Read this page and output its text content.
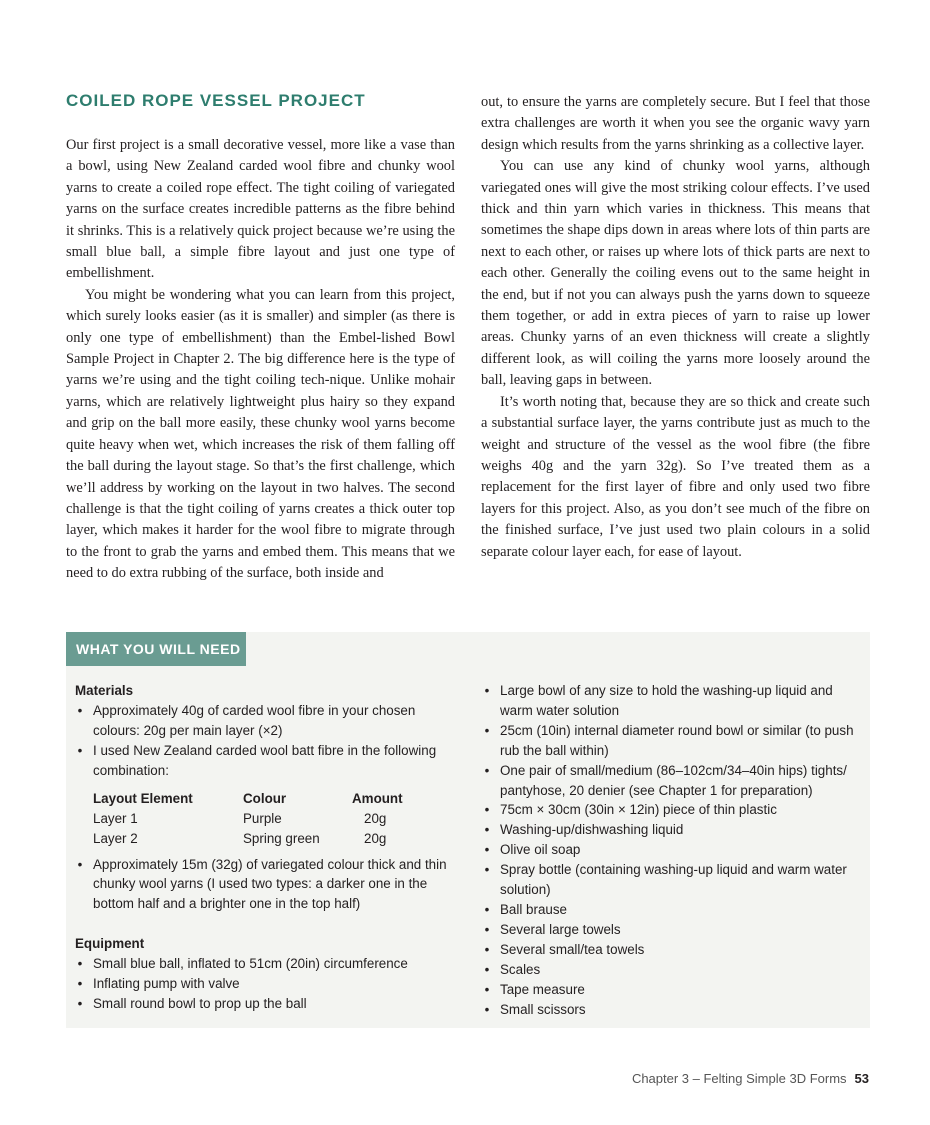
COILED ROPE VESSEL PROJECT

Our first project is a small decorative vessel, more like a vase than a bowl, using New Zealand carded wool fibre and chunky wool yarns to create a coiled rope effect. The tight coiling of variegated yarns on the surface creates incredible patterns as the fibre behind it shrinks. This is a relatively quick project because we’re using the small blue ball, a simple fibre layout and just one type of embellishment.

You might be wondering what you can learn from this project, which surely looks easier (as it is smaller) and simpler (as there is only one type of embellishment) than the Embel-lished Bowl Sample Project in Chapter 2. The big difference here is the type of yarns we’re using and the tight coiling tech-nique. Unlike mohair yarns, which are relatively lightweight plus hairy so they expand and grip on the ball more easily, these chunky wool yarns become quite heavy when wet, which increases the risk of them falling off the ball during the layout stage. So that’s the first challenge, which we’ll address by working on the layout in two halves. The second challenge is that the tight coiling of yarns creates a thick outer top layer, which makes it harder for the wool fibre to migrate through to the front to grab the yarns and embed them. This means that we need to do extra rubbing of the surface, both inside and

out, to ensure the yarns are completely secure. But I feel that those extra challenges are worth it when you see the organic wavy yarn design which results from the yarns shrinking as a collective layer.

You can use any kind of chunky wool yarns, although variegated ones will give the most striking colour effects. I’ve used thick and thin yarn which varies in thickness. This means that sometimes the shape dips down in areas where lots of thin parts are next to each other, or raises up where lots of thick parts are next to each other. Generally the coiling evens out to the same height in the end, but if not you can always push the yarns down to squeeze them together, or add in extra pieces of yarn to raise up lower areas. Chunky yarns of an even thickness will create a slightly different look, as will coiling the yarns more loosely around the ball, leaving gaps in between.

It’s worth noting that, because they are so thick and create such a substantial surface layer, the yarns contribute just as much to the weight and structure of the vessel as the wool fibre (the fibre weighs 40g and the yarn 32g). So I’ve treated them as a replacement for the first layer of fibre and only used two fibre layers for this project. Also, as you don’t see much of the fibre on the finished surface, I’ve just used two plain colours in a solid separate colour layer each, for ease of layout.

WHAT YOU WILL NEED

Materials

• Approximately 40g of carded wool fibre in your chosen colours: 20g per main layer (×2)
• I used New Zealand carded wool batt fibre in the following combination:
Layout Element	Colour	Amount
Layer 1	Purple	20g
Layer 2	Spring green	20g
• Approximately 15m (32g) of variegated colour thick and thin chunky wool yarns (I used two types: a darker one in the bottom half and a brighter one in the top half)

Equipment

• Small blue ball, inflated to 51cm (20in) circumference
• Inflating pump with valve
• Small round bowl to prop up the ball
• Large bowl of any size to hold the washing-up liquid and warm water solution
• 25cm (10in) internal diameter round bowl or similar (to push rub the ball within)
• One pair of small/medium (86–102cm/34–40in hips) tights/ pantyhose, 20 denier (see Chapter 1 for preparation)
• 75cm × 30cm (30in × 12in) piece of thin plastic
• Washing-up/dishwashing liquid
• Olive oil soap
• Spray bottle (containing washing-up liquid and warm water solution)
• Ball brause
• Several large towels
• Several small/tea towels
• Scales
• Tape measure
• Small scissors
Chapter 3 – Felting Simple 3D Forms 53
